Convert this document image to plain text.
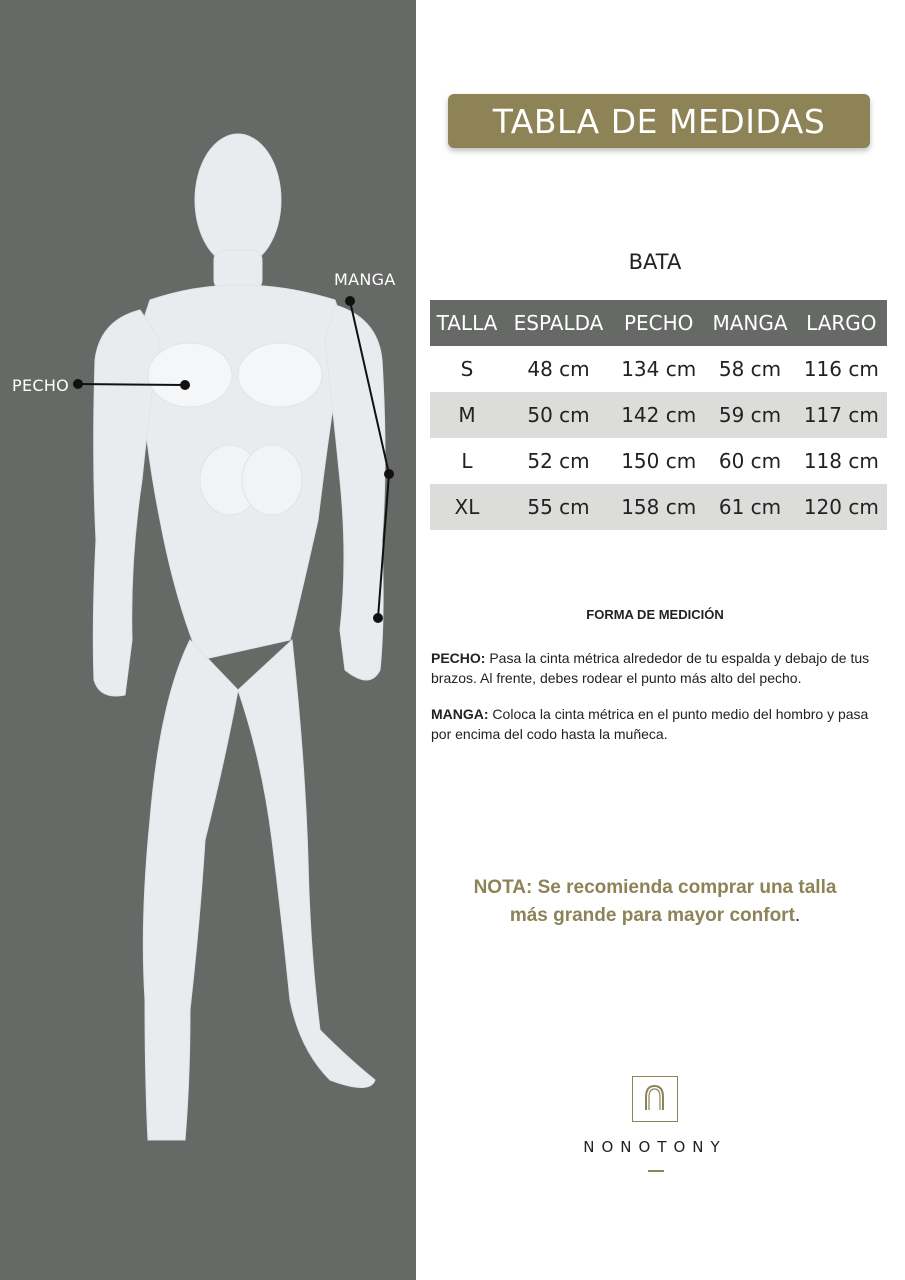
PECHO
MANGA
TABLA DE MEDIDAS
BATA
TALLA	ESPALDA	PECHO	MANGA	LARGO
S	48 cm	134 cm	58 cm	116 cm
M	50 cm	142 cm	59 cm	117 cm
L	52 cm	150 cm	60 cm	118 cm
XL	55 cm	158 cm	61 cm	120 cm
FORMA DE MEDICIÓN
PECHO: Pasa la cinta métrica alrededor de tu espalda y debajo de tus brazos. Al frente, debes rodear el punto más alto del pecho.
MANGA: Coloca la cinta métrica en el punto medio del hombro y pasa por encima del codo hasta la muñeca.
NOTA: Se recomienda comprar una talla
más grande para mayor confort.
NONOTONY
